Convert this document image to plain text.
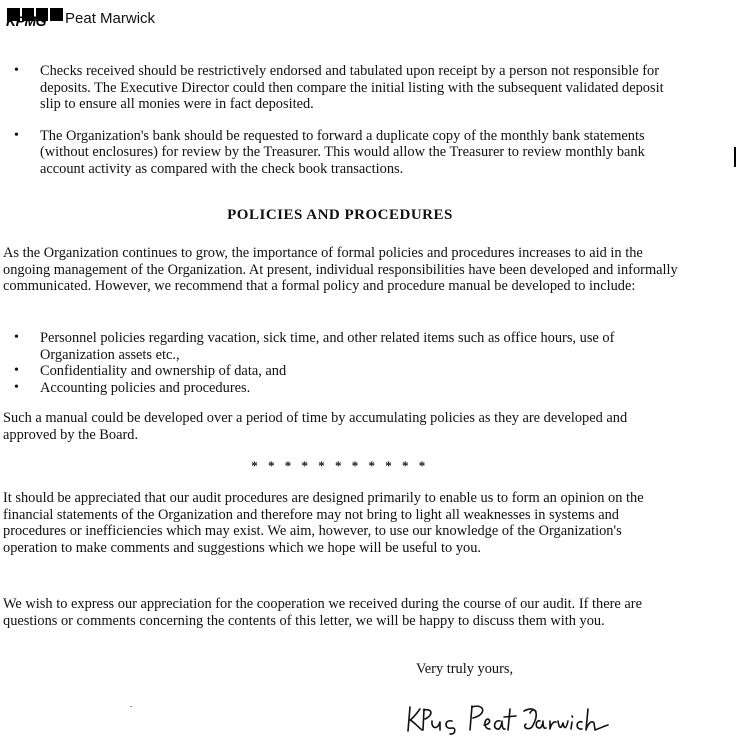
KPMG Peat Marwick
• Checks received should be restrictively endorsed and tabulated upon receipt by a person not responsible for deposits. The Executive Director could then compare the initial listing with the subsequent validated deposit slip to ensure all monies were in fact deposited.
• The Organization's bank should be requested to forward a duplicate copy of the monthly bank statements (without enclosures) for review by the Treasurer. This would allow the Treasurer to review monthly bank account activity as compared with the check book transactions.
POLICIES AND PROCEDURES

As the Organization continues to grow, the importance of formal policies and procedures increases to aid in the ongoing management of the Organization. At present, individual responsibilities have been developed and informally communicated. However, we recommend that a formal policy and procedure manual be developed to include:

• Personnel policies regarding vacation, sick time, and other related items such as office hours, use of Organization assets etc.,
• Confidentiality and ownership of data, and
• Accounting policies and procedures.

Such a manual could be developed over a period of time by accumulating policies as they are developed and approved by the Board.

* * * * * * * * * * *

It should be appreciated that our audit procedures are designed primarily to enable us to form an opinion on the financial statements of the Organization and therefore may not bring to light all weaknesses in systems and procedures or inefficiencies which may exist. We aim, however, to use our knowledge of the Organization's operation to make comments and suggestions which we hope will be useful to you.

We wish to express our appreciation for the cooperation we received during the course of our audit. If there are questions or comments concerning the contents of this letter, we will be happy to discuss them with you.

Very truly yours,
